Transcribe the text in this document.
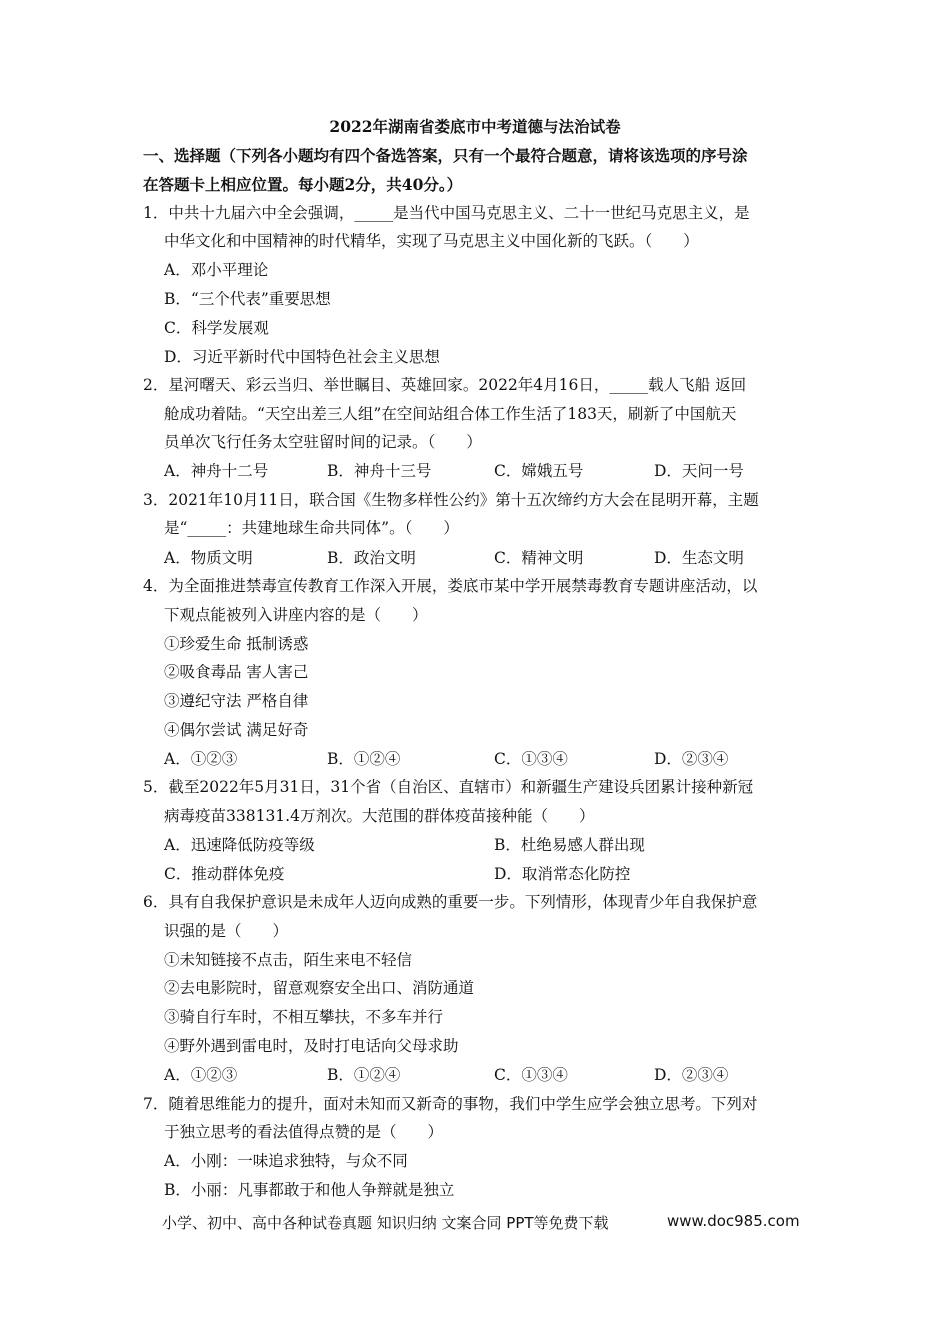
2022年湖南省娄底市中考道德与法治试卷
一、选择题（下列各小题均有四个备选答案，只有一个最符合题意，请将该选项的序号涂
在答题卡上相应位置。每小题2分，共40分。）
1．中共十九届六中全会强调，_____是当代中国马克思主义、二十一世纪马克思主义，是
中华文化和中国精神的时代精华，实现了马克思主义中国化新的飞跃。（　　）
A．邓小平理论
B．“三个代表”重要思想
C．科学发展观
D．习近平新时代中国特色社会主义思想
2．星河曙天、彩云当归、举世瞩目、英雄回家。2022年4月16日，_____载人飞船 返回
舱成功着陆。“天空出差三人组”在空间站组合体工作生活了183天，刷新了中国航天
员单次飞行任务太空驻留时间的记录。（　　）
A．神舟十二号	B．神舟十三号	C．嫦娥五号	D．天问一号
3．2021年10月11日，联合国《生物多样性公约》第十五次缔约方大会在昆明开幕，主题
是“_____：共建地球生命共同体”。（　　）
A．物质文明	B．政治文明	C．精神文明	D．生态文明
4．为全面推进禁毒宣传教育工作深入开展，娄底市某中学开展禁毒教育专题讲座活动，以
下观点能被列入讲座内容的是（　　）
①珍爱生命 抵制诱惑
②吸食毒品 害人害己
③遵纪守法 严格自律
④偶尔尝试 满足好奇
A．①②③	B．①②④	C．①③④	D．②③④
5．截至2022年5月31日，31个省（自治区、直辖市）和新疆生产建设兵团累计接种新冠
病毒疫苗338131.4万剂次。大范围的群体疫苗接种能（　　）
A．迅速降低防疫等级	B．杜绝易感人群出现
C．推动群体免疫	D．取消常态化防控
6．具有自我保护意识是未成年人迈向成熟的重要一步。下列情形，体现青少年自我保护意
识强的是（　　）
①未知链接不点击，陌生来电不轻信
②去电影院时，留意观察安全出口、消防通道
③骑自行车时，不相互攀扶，不多车并行
④野外遇到雷电时，及时打电话向父母求助
A．①②③	B．①②④	C．①③④	D．②③④
7．随着思维能力的提升，面对未知而又新奇的事物，我们中学生应学会独立思考。下列对
于独立思考的看法值得点赞的是（　　）
A．小刚：一味追求独特，与众不同
B．小丽：凡事都敢于和他人争辩就是独立
小学、初中、高中各种试卷真题 知识归纳 文案合同 PPT等免费下载	www.doc985.com
